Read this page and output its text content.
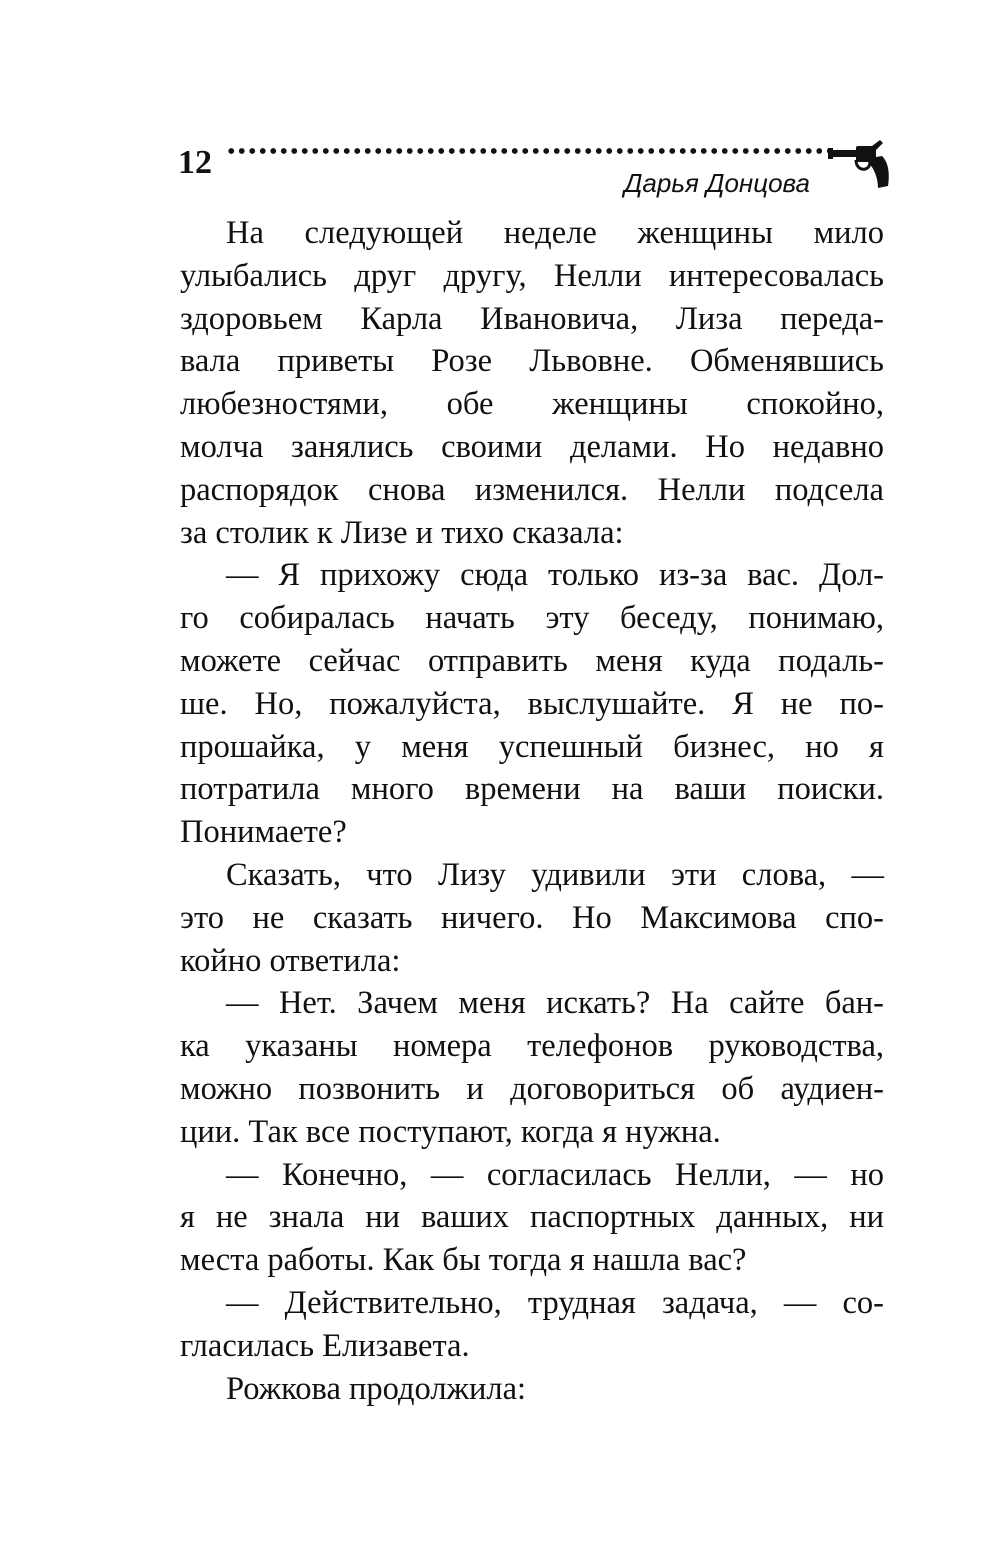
12
Дарья Донцова
На следующей неделе женщины мило
улыбались друг другу, Нелли интересовалась
здоровьем Карла Ивановича, Лиза переда-
вала приветы Розе Львовне. Обменявшись
любезностями, обе женщины спокойно,
молча занялись своими делами. Но недавно
распорядок снова изменился. Нелли подсела
за столик к Лизе и тихо сказала:
— Я прихожу сюда только из-за вас. Дол-
го собиралась начать эту беседу, понимаю,
можете сейчас отправить меня куда подаль-
ше. Но, пожалуйста, выслушайте. Я не по-
прошайка, у меня успешный бизнес, но я
потратила много времени на ваши поиски.
Понимаете?
Сказать, что Лизу удивили эти слова, —
это не сказать ничего. Но Максимова спо-
койно ответила:
— Нет. Зачем меня искать? На сайте бан-
ка указаны номера телефонов руководства,
можно позвонить и договориться об аудиен-
ции. Так все поступают, когда я нужна.
— Конечно, — согласилась Нелли, — но
я не знала ни ваших паспортных данных, ни
места работы. Как бы тогда я нашла вас?
— Действительно, трудная задача, — со-
гласилась Елизавета.
Рожкова продолжила:
